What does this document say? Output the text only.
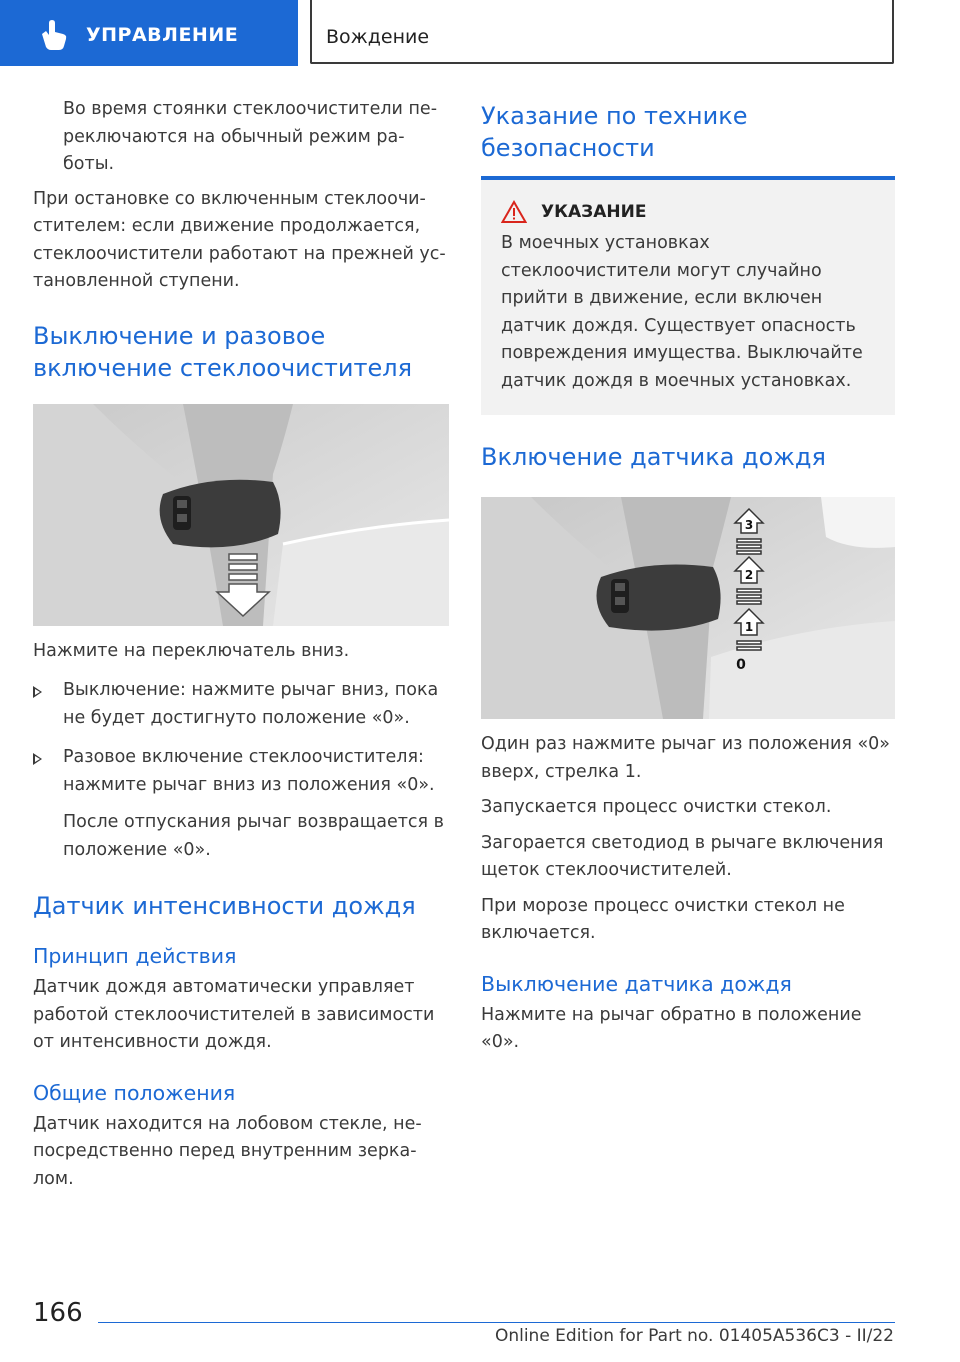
УПРАВЛЕНИЕ	Вождение

Во время стоянки стеклоочистители переключаются на обычный режим работы.

При остановке со включенным стеклоочистителем: если движение продолжается, стеклоочистители работают на прежней установленной ступени.

Выключение и разовое включение стеклоочистителя

Нажмите на переключатель вниз.

Выключение: нажмите рычаг вниз, пока не будет достигнуто положение «0».

Разовое включение стеклоочистителя: нажмите рычаг вниз из положения «0».

После отпускания рычаг возвращается в положение «0».

Датчик интенсивности дождя
Принцип действия

Датчик дождя автоматически управляет работой стеклоочистителей в зависимости от интенсивности дождя.

Общие положения

Датчик находится на лобовом стекле, непосредственно перед внутренним зеркалом.

Указание по технике безопасности
УКАЗАНИЕ

В моечных установках стеклоочистители могут случайно прийти в движение, если включен датчик дождя. Существует опасность повреждения имущества. Выключайте датчик дождя в моечных установках.

Включение датчика дождя
3
2
1
0

Один раз нажмите рычаг из положения «0» вверх, стрелка 1.

Запускается процесс очистки стекол.

Загорается светодиод в рычаге включения щеток стеклоочистителей.

При морозе процесс очистки стекол не включается.

Выключение датчика дождя

Нажмите на рычаг обратно в положение «0».

166
Online Edition for Part no. 01405A536C3 - II/22
